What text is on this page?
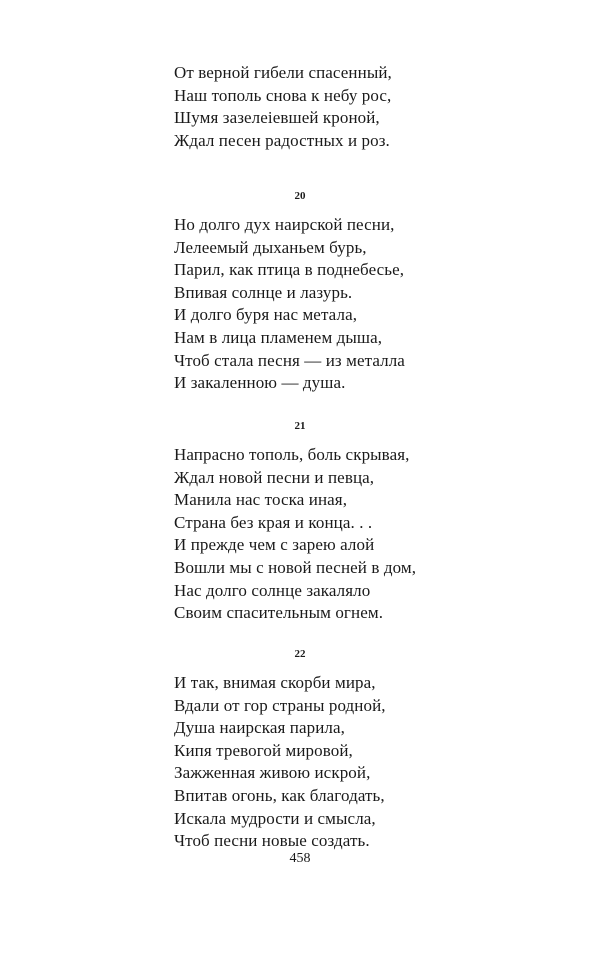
От верной гибели спасенный,
Наш тополь снова к небу рос,
Шумя зазелеіевшей кроной,
Ждал песен радостных и роз.
20
Но долго дух наирской песни,
Лелеемый дыханьем бурь,
Парил, как птица в поднебесье,
Впивая солнце и лазурь.
И долго буря нас метала,
Нам в лица пламенем дыша,
Чтоб стала песня — из металла
И закаленною — душа.
21
Напрасно тополь, боль скрывая,
Ждал новой песни и певца,
Манила нас тоска иная,
Страна без края и конца. . .
И прежде чем с зарею алой
Вошли мы с новой песней в дом,
Нас долго солнце закаляло
Своим спасительным огнем.
22
И так, внимая скорби мира,
Вдали от гор страны родной,
Душа наирская парила,
Кипя тревогой мировой,
Зажженная живою искрой,
Впитав огонь, как благодать,
Искала мудрости и смысла,
Чтоб песни новые создать.
458
